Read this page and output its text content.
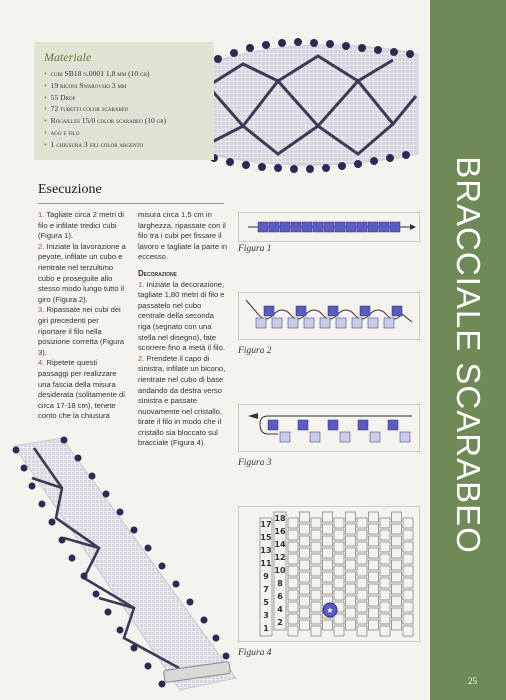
BRACCIALE SCARABEO
25
Materiale
• cubi SB18 n.0001 1,8 mm (10 gr)
• 19 biconi Swarovski 3 mm
• 55 Drop
• 72 tubetti color scarabeo
• Rocailles 15/0 color scarabeo (10 gr)
• ago e filo
• 1 chiusura 3 fili color argento
Esecuzione

1. Tagliate circa 2 metri di filo e infilate tredici cubi (Figura 1).

2. Iniziate la lavorazione a peyote, infilate un cubo e rientrate nel terzultimo cubo e proseguite allo stesso modo lungo tutto il giro (Figura 2).

3. Ripassate nei cubi dei giri precedenti per riportare il filo nella posizione corretta (Figura 3).

4. Ripetete questi passaggi per realizzare una fascia della misura desiderata (solitamente di circa 17-18 cm), tenete conto che la chiusura

misura circa 1,5 cm in larghezza, ripassate con il filo tra i cubi per fissare il lavoro e tagliate la parte in eccesso.

Decorazione

1. Iniziate la decorazione, tagliate 1,80 metri di filo e passatelo nel cubo centrale della seconda riga (segnato con una stella nel disegno), fate scorrere fino a metà il filo.

2. Prendete il capo di sinistra, infilate un bicono, rientrate nel cubo di base andando da destra verso sinistra e passate nuovamente nel cristallo, tirate il filo in modo che il cristallo sia bloccato sul bracciale (Figura 4).

Figura 1
Figura 2
Figura 3
★
Figura 4
17
15
13
11
9
7
5
3
1
18
16
14
12
10
8
6
4
2
